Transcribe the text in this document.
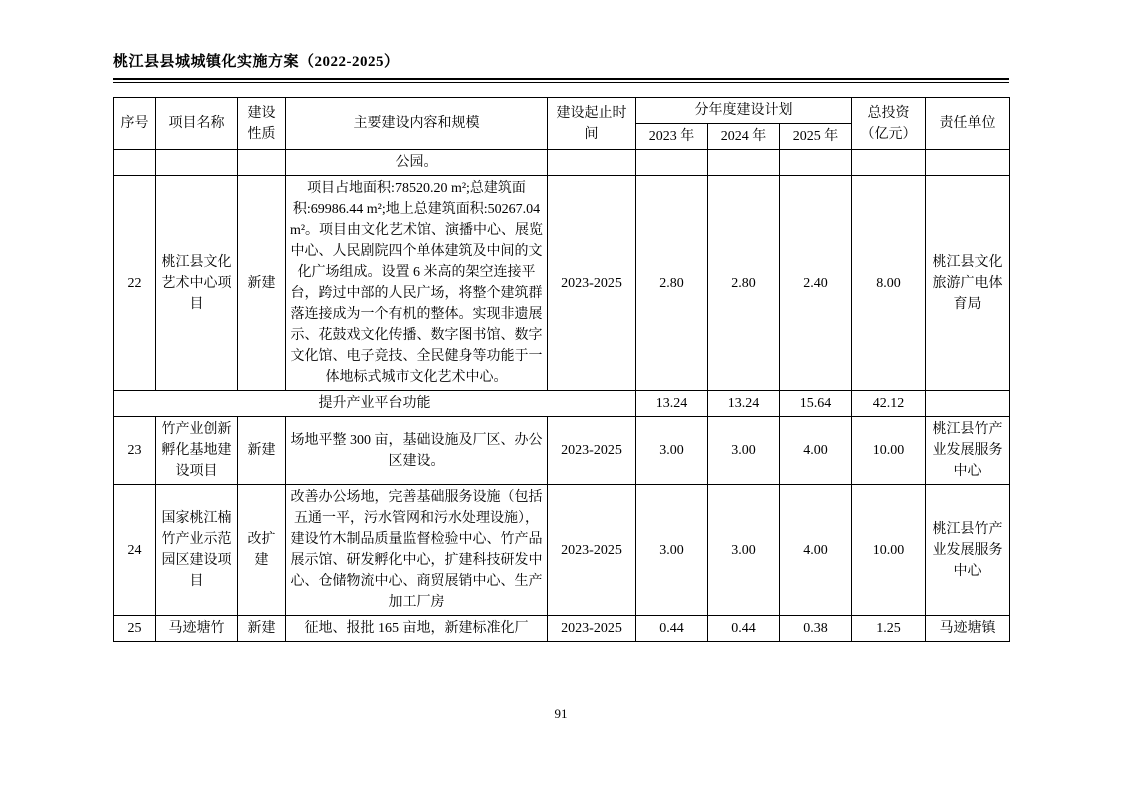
桃江县县城城镇化实施方案（2022-2025）
序号	项目名称	建设性质	主要建设内容和规模	建设起止时间	分年度建设计划			总投资（亿元）	责任单位
					2023 年	2024 年	2025 年		
			公园。						
22	桃江县文化艺术中心项目	新建	项目占地面积:78520.20 m²;总建筑面积:69986.44 m²;地上总建筑面积:50267.04 m²。项目由文化艺术馆、演播中心、展览中心、人民剧院四个单体建筑及中间的文化广场组成。设置 6 米高的架空连接平台，跨过中部的人民广场，将整个建筑群落连接成为一个有机的整体。实现非遗展示、花鼓戏文化传播、数字图书馆、数字文化馆、电子竞技、全民健身等功能于一体地标式城市文化艺术中心。	2023-2025	2.80	2.80	2.40	8.00	桃江县文化旅游广电体育局
提升产业平台功能					13.24	13.24	15.64	42.12	
23	竹产业创新孵化基地建设项目	新建	场地平整 300 亩，基础设施及厂区、办公区建设。	2023-2025	3.00	3.00	4.00	10.00	桃江县竹产业发展服务中心
24	国家桃江楠竹产业示范园区建设项目	改扩建	改善办公场地，完善基础服务设施（包括五通一平，污水管网和污水处理设施），建设竹木制品质量监督检验中心、竹产品展示馆、研发孵化中心，扩建科技研发中心、仓储物流中心、商贸展销中心、生产加工厂房	2023-2025	3.00	3.00	4.00	10.00	桃江县竹产业发展服务中心
25	马迹塘竹	新建	征地、报批 165 亩地，新建标准化厂	2023-2025	0.44	0.44	0.38	1.25	马迹塘镇
91
